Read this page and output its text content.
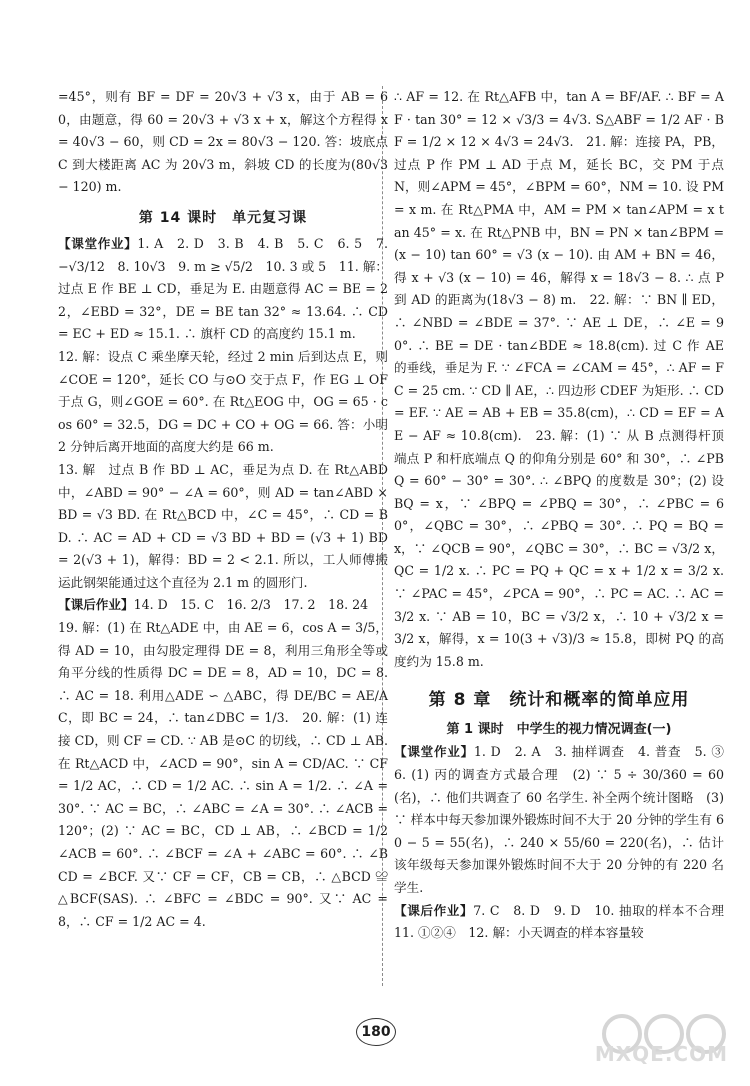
=45°，则有 BF = DF = 20√3 + √3 x，由于 AB = 60，由题意，得 60 = 20√3 + √3 x + x，解这个方程得 x = 40√3 − 60，则 CD = 2x = 80√3 − 120. 答：坡底点 C 到大楼距离 AC 为 20√3 m，斜坡 CD 的长度为(80√3 − 120) m.

第 14 课时　单元复习课

【课堂作业】1. A　2. D　3. B　4. B　5. C　6. 5　7. −√3/12　8. 10√3　9. m ≥ √5/2　10. 3 或 5　11. 解：过点 E 作 BE ⊥ CD，垂足为 E. 由题意得 AC = BE = 22，∠EBD = 32°，DE = BE tan 32° ≈ 13.64. ∴ CD = EC + ED ≈ 15.1. ∴ 旗杆 CD 的高度约 15.1 m.

12. 解：设点 C 乘坐摩天轮，经过 2 min 后到达点 E，则∠COE = 120°，延长 CO 与⊙O 交于点 F，作 EG ⊥ OF 于点 G，则∠GOE = 60°. 在 Rt△EOG 中，OG = 65 · cos 60° = 32.5，DG = DC + CO + OG = 66. 答：小明 2 分钟后离开地面的高度大约是 66 m.

13. 解　过点 B 作 BD ⊥ AC，垂足为点 D. 在 Rt△ABD 中，∠ABD = 90° − ∠A = 60°，则 AD = tan∠ABD × BD = √3 BD. 在 Rt△BCD 中，∠C = 45°，∴ CD = BD. ∴ AC = AD + CD = √3 BD + BD = (√3 + 1) BD = 2(√3 + 1)，解得：BD = 2 < 2.1. 所以，工人师傅搬运此钢架能通过这个直径为 2.1 m 的圆形门.

【课后作业】14. D　15. C　16. 2/3　17. 2　18. 24

19. 解：(1) 在 Rt△ADE 中，由 AE = 6，cos A = 3/5，得 AD = 10，由勾股定理得 DE = 8，利用三角形全等或角平分线的性质得 DC = DE = 8，AD = 10，DC = 8. ∴ AC = 18. 利用△ADE ∽ △ABC，得 DE/BC = AE/AC，即 BC = 24，∴ tan∠DBC = 1/3.　20. 解：(1) 连接 CD，则 CF = CD. ∵ AB 是⊙C 的切线，∴ CD ⊥ AB. 在 Rt△ACD 中，∠ACD = 90°，sin A = CD/AC. ∵ CF = 1/2 AC，∴ CD = 1/2 AC. ∴ sin A = 1/2. ∴ ∠A = 30°. ∵ AC = BC，∴ ∠ABC = ∠A = 30°. ∴ ∠ACB = 120°；(2) ∵ AC = BC，CD ⊥ AB，∴ ∠BCD = 1/2 ∠ACB = 60°. ∴ ∠BCF = ∠A + ∠ABC = 60°. ∴ ∠BCD = ∠BCF. 又∵ CF = CF，CB = CB，∴ △BCD ≌ △BCF(SAS). ∴ ∠BFC = ∠BDC = 90°. 又∵ AC = 8，∴ CF = 1/2 AC = 4.

∴ AF = 12. 在 Rt△AFB 中，tan A = BF/AF. ∴ BF = AF · tan 30° = 12 × √3/3 = 4√3. S△ABF = 1/2 AF · BF = 1/2 × 12 × 4√3 = 24√3.　21. 解：连接 PA，PB，过点 P 作 PM ⊥ AD 于点 M，延长 BC，交 PM 于点 N，则∠APM = 45°，∠BPM = 60°，NM = 10. 设 PM = x m. 在 Rt△PMA 中，AM = PM × tan∠APM = x tan 45° = x. 在 Rt△PNB 中，BN = PN × tan∠BPM = (x − 10) tan 60° = √3 (x − 10). 由 AM + BN = 46，得 x + √3 (x − 10) = 46，解得 x = 18√3 − 8. ∴ 点 P 到 AD 的距离为(18√3 − 8) m.　22. 解：∵ BN ∥ ED，∴ ∠NBD = ∠BDE = 37°. ∵ AE ⊥ DE，∴ ∠E = 90°. ∴ BE = DE · tan∠BDE ≈ 18.8(cm). 过 C 作 AE 的垂线，垂足为 F. ∵ ∠FCA = ∠CAM = 45°，∴ AF = FC = 25 cm. ∵ CD ∥ AE，∴ 四边形 CDEF 为矩形. ∴ CD = EF. ∵ AE = AB + EB = 35.8(cm)，∴ CD = EF = AE − AF ≈ 10.8(cm).　23. 解：(1) ∵ 从 B 点测得杆顶端点 P 和杆底端点 Q 的仰角分别是 60° 和 30°，∴ ∠PBQ = 60° − 30° = 30°. ∴ ∠BPQ 的度数是 30°；(2) 设 BQ = x，∵ ∠BPQ = ∠PBQ = 30°，∴ ∠PBC = 60°，∠QBC = 30°，∴ ∠PBQ = 30°. ∴ PQ = BQ = x，∵ ∠QCB = 90°，∠QBC = 30°，∴ BC = √3/2 x，QC = 1/2 x. ∴ PC = PQ + QC = x + 1/2 x = 3/2 x. ∵ ∠PAC = 45°，∠PCA = 90°，∴ PC = AC. ∴ AC = 3/2 x. ∵ AB = 10，BC = √3/2 x，∴ 10 + √3/2 x = 3/2 x，解得，x = 10(3 + √3)/3 ≈ 15.8，即树 PQ 的高度约为 15.8 m.

第 8 章　统计和概率的简单应用
第 1 课时　中学生的视力情况调查(一)

【课堂作业】1. D　2. A　3. 抽样调查　4. 普查　5. ③　6. (1) 丙的调查方式最合理　(2) ∵ 5 ÷ 30/360 = 60(名)，∴ 他们共调查了 60 名学生. 补全两个统计图略　(3) ∵ 样本中每天参加课外锻炼时间不大于 20 分钟的学生有 60 − 5 = 55(名)，∴ 240 × 55/60 = 220(名)，∴ 估计该年级每天参加课外锻炼时间不大于 20 分钟的有 220 名学生.

【课后作业】7. C　8. D　9. D　10. 抽取的样本不合理　11. ①②④　12. 解：小天调查的样本容量较

180
MXQE.COM
